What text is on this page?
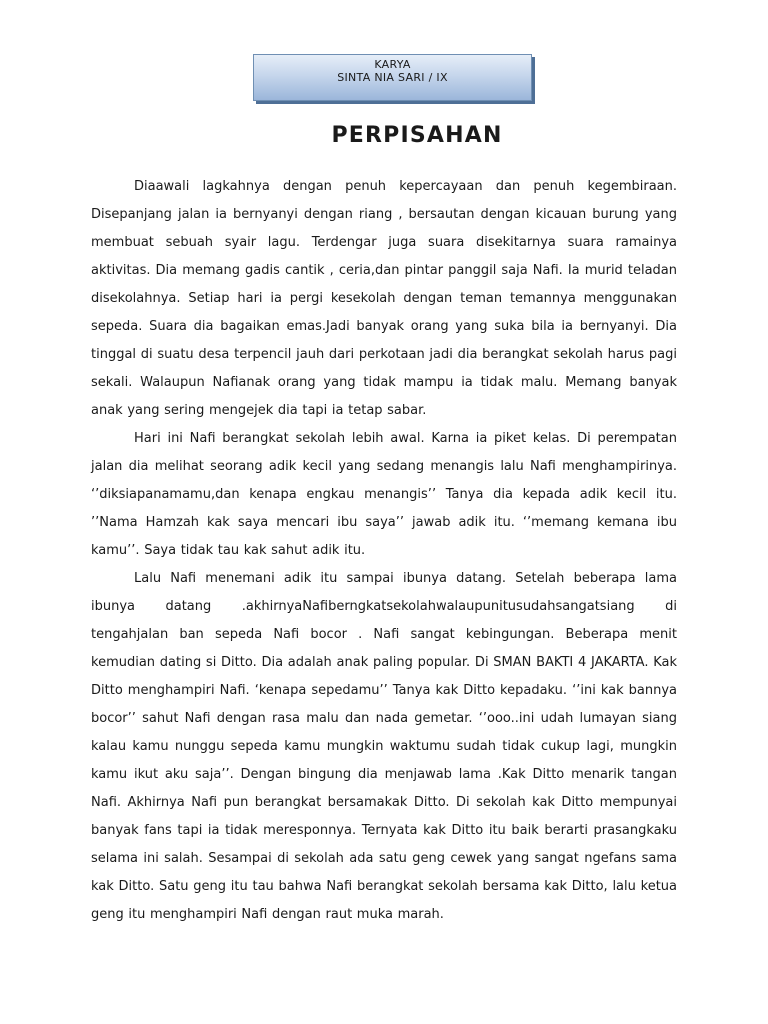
KARYA
SINTA NIA SARI / IX
PERPISAHAN

Diaawali lagkahnya dengan penuh kepercayaan dan penuh kegembiraan. Disepanjang jalan ia bernyanyi dengan riang , bersautan dengan kicauan burung yang membuat sebuah syair lagu. Terdengar juga suara disekitarnya suara ramainya aktivitas. Dia memang gadis cantik , ceria,dan pintar panggil saja Nafi. Ia murid teladan disekolahnya. Setiap hari ia pergi kesekolah dengan teman temannya menggunakan sepeda. Suara dia bagaikan emas.Jadi banyak orang yang suka bila ia bernyanyi. Dia tinggal di suatu desa terpencil jauh dari perkotaan jadi dia berangkat sekolah harus pagi sekali. Walaupun Nafianak orang yang tidak mampu ia tidak malu. Memang banyak anak yang sering mengejek dia tapi ia tetap sabar.

Hari ini Nafi berangkat sekolah lebih awal. Karna ia piket kelas. Di perempatan jalan dia melihat seorang adik kecil yang sedang menangis lalu Nafi menghampirinya. ‘’diksiapanamamu,dan kenapa engkau menangis’’ Tanya dia kepada adik kecil itu. ’’Nama Hamzah kak saya mencari ibu saya’’ jawab adik itu. ‘’memang kemana ibu kamu’’. Saya tidak tau kak sahut adik itu.

Lalu Nafi menemani adik itu sampai ibunya datang. Setelah beberapa lama ibunya datang .akhirnyaNafiberngkatsekolahwalaupunitusudahsangatsiang di tengahjalan ban sepeda Nafi bocor . Nafi sangat kebingungan. Beberapa menit kemudian dating si Ditto. Dia adalah anak paling popular. Di SMAN BAKTI 4 JAKARTA. Kak Ditto menghampiri Nafi. ‘kenapa sepedamu’’ Tanya kak Ditto kepadaku. ‘’ini kak bannya bocor’’ sahut Nafi dengan rasa malu dan nada gemetar. ‘’ooo..ini udah lumayan siang kalau kamu nunggu sepeda kamu mungkin waktumu sudah tidak cukup lagi, mungkin kamu ikut aku saja’’. Dengan bingung dia menjawab lama .Kak Ditto menarik tangan Nafi. Akhirnya Nafi pun berangkat bersamakak Ditto. Di sekolah kak Ditto mempunyai banyak fans tapi ia tidak meresponnya. Ternyata kak Ditto itu baik berarti prasangkaku selama ini salah. Sesampai di sekolah ada satu geng cewek yang sangat ngefans sama kak Ditto. Satu geng itu tau bahwa Nafi berangkat sekolah bersama kak Ditto, lalu ketua geng itu menghampiri Nafi dengan raut muka marah.
